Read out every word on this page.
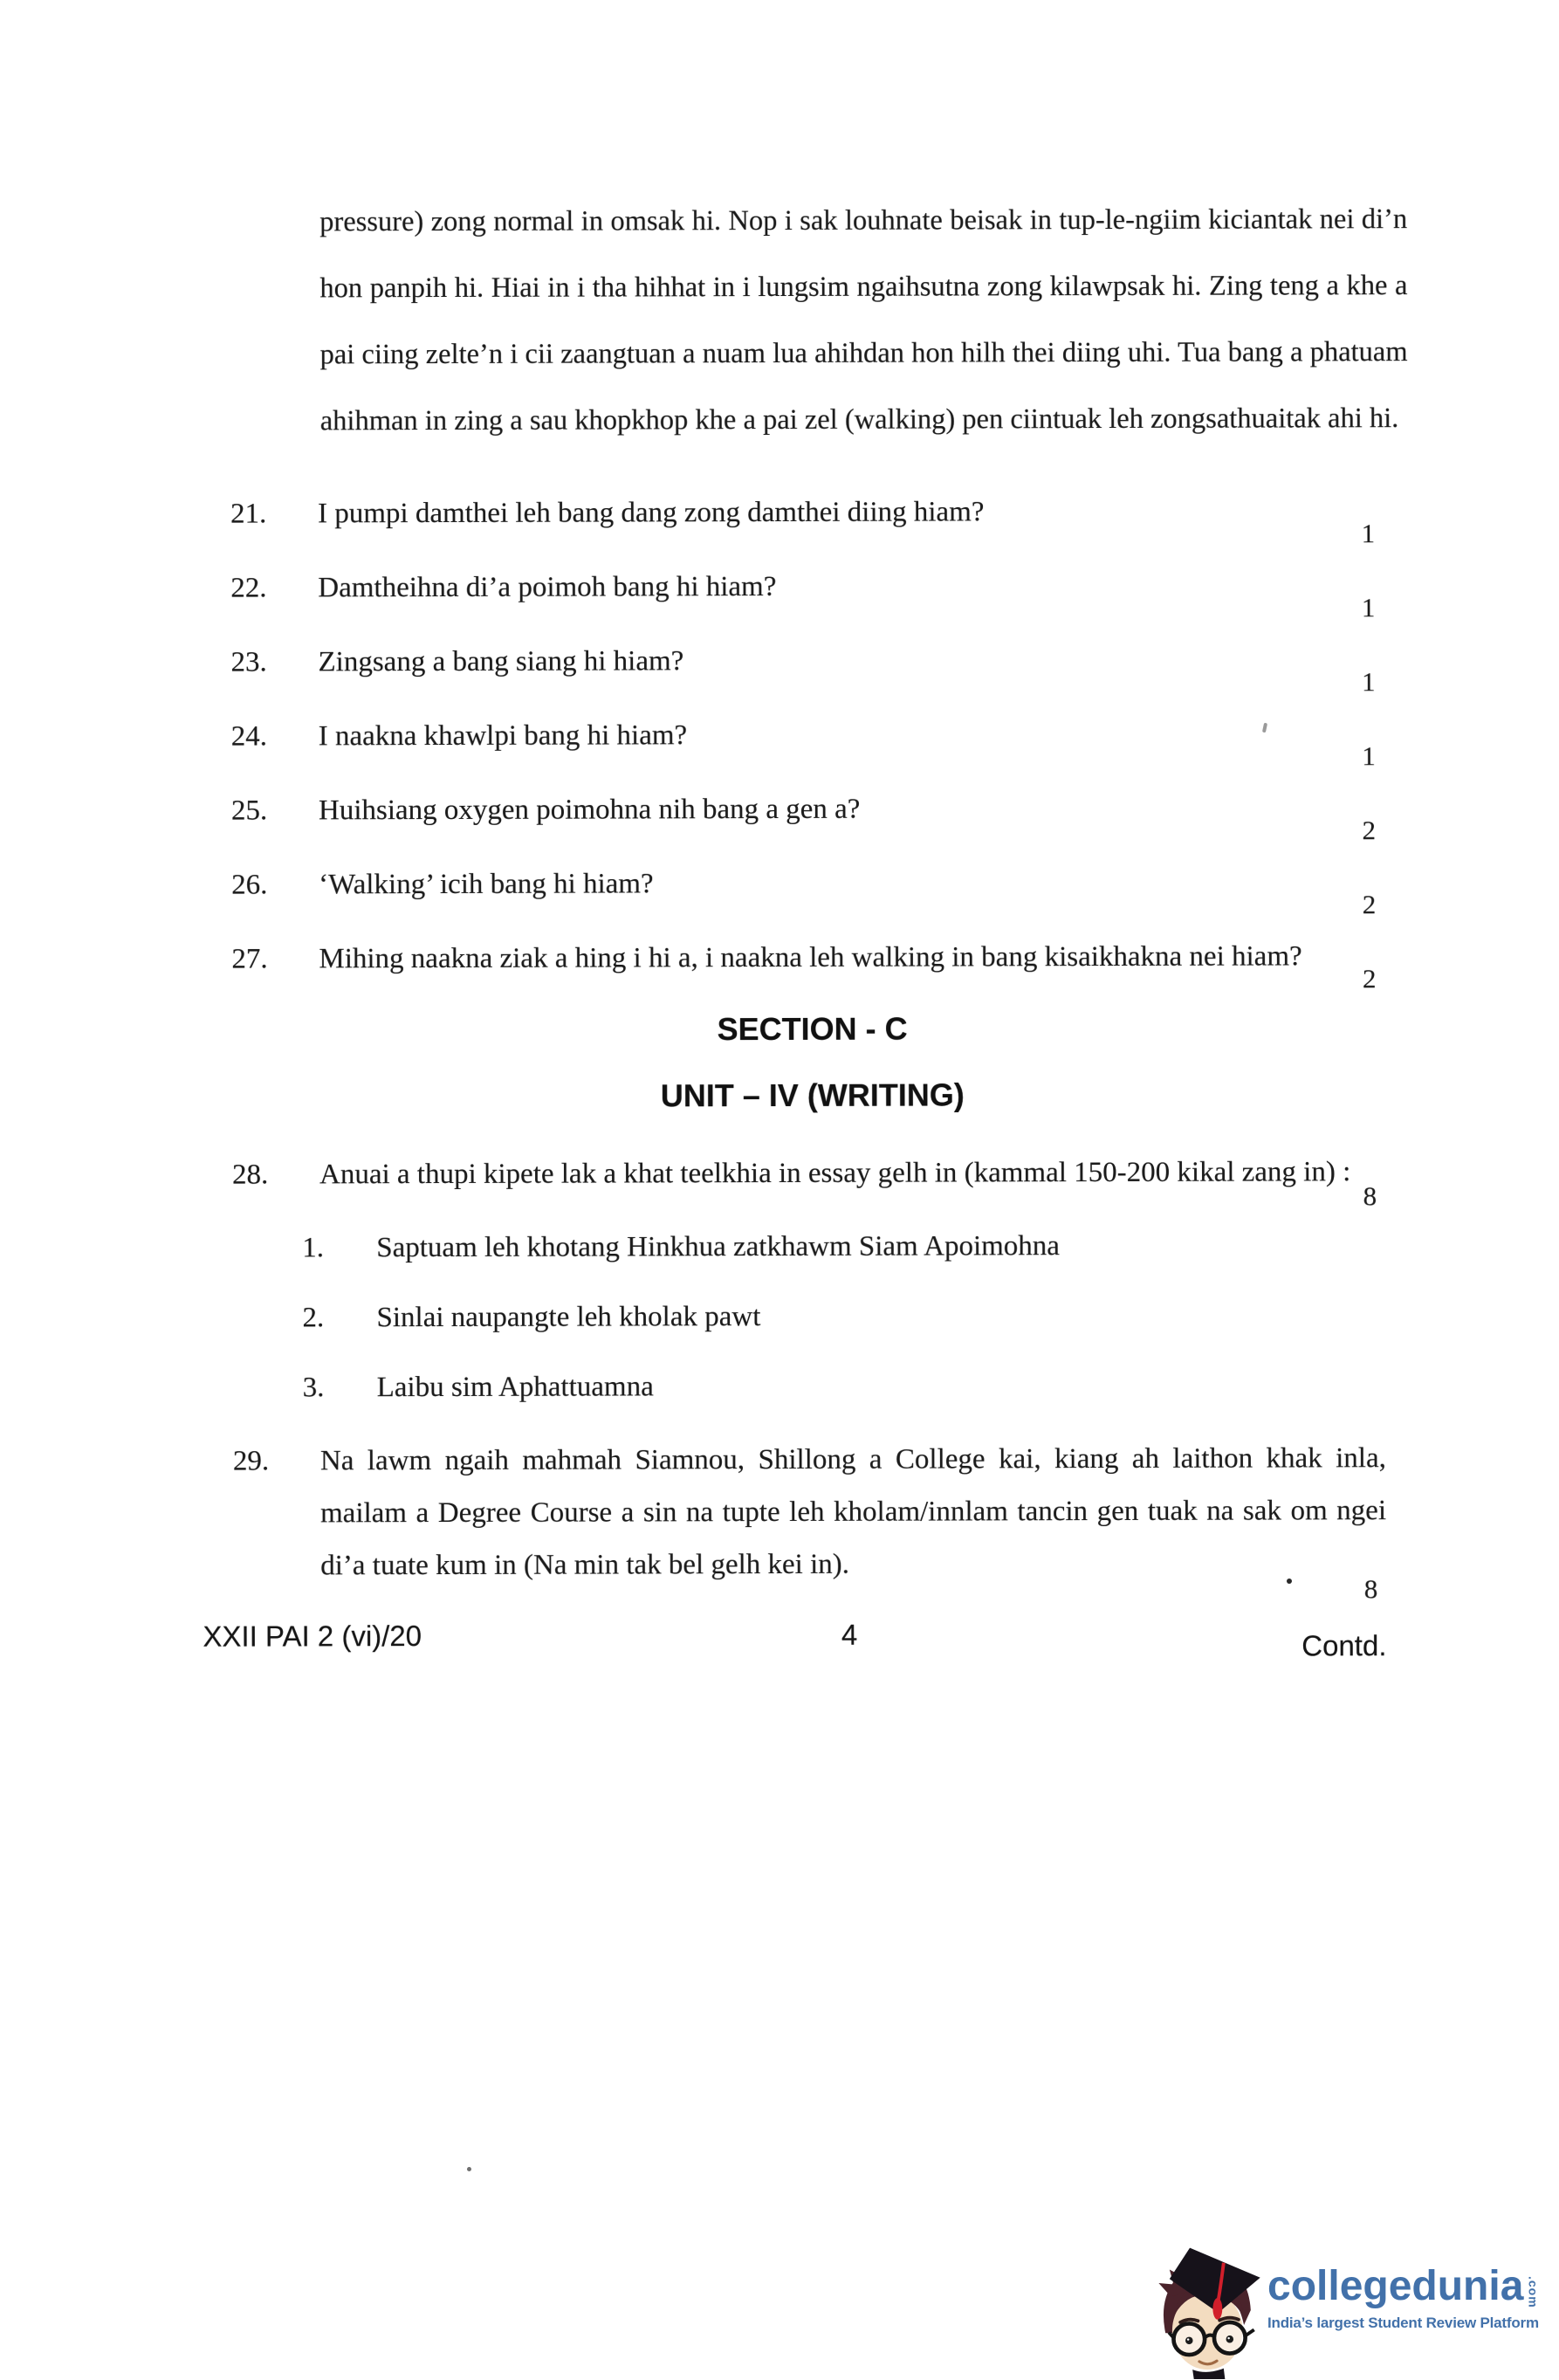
pressure) zong normal in omsak hi. Nop i sak louhnate beisak in tup-le-ngiim kiciantak nei di’n hon panpih hi. Hiai in i tha hihhat in i lungsim ngaihsutna zong kilawpsak hi. Zing teng a khe a pai ciing zelte’n i cii zaangtuan a nuam lua ahihdan hon hilh thei diing uhi. Tua bang a phatuam ahihman in zing a sau khopkhop khe a pai zel (walking) pen ciintuak leh zongsathuaitak ahi hi.

21.	I pumpi damthei leh bang dang zong damthei diing hiam?
1
22.	Damtheihna di’a poimoh bang hi hiam?
1
23.	Zingsang a bang siang hi hiam?
1
24.	I naakna khawlpi bang hi hiam?
1
25.	Huihsiang oxygen poimohna nih bang a gen a?
2
26.	‘Walking’ icih bang hi hiam?
2
27.	Mihing naakna ziak a hing i hi a, i naakna leh walking in bang kisaikhakna nei hiam?
2
SECTION - C
UNIT – IV (WRITING)
28.	Anuai a thupi kipete lak a khat teelkhia in essay gelh in (kammal 150-200 kikal zang in) :
8
1.	Saptuam leh khotang Hinkhua zatkhawm Siam Apoimohna
2.	Sinlai naupangte leh kholak pawt
3.	Laibu sim Aphattuamna
29.	Na lawm ngaih mahmah Siamnou, Shillong a College kai, kiang ah laithon khak inla, mailam a Degree Course a sin na tupte leh kholam/innlam tancin gen tuak na sak om ngei di’a tuate kum in (Na min tak bel gelh kei in).
8
XXII PAI 2 (vi)/20	4	Contd.
collegedunia .com
India’s largest Student Review Platform
